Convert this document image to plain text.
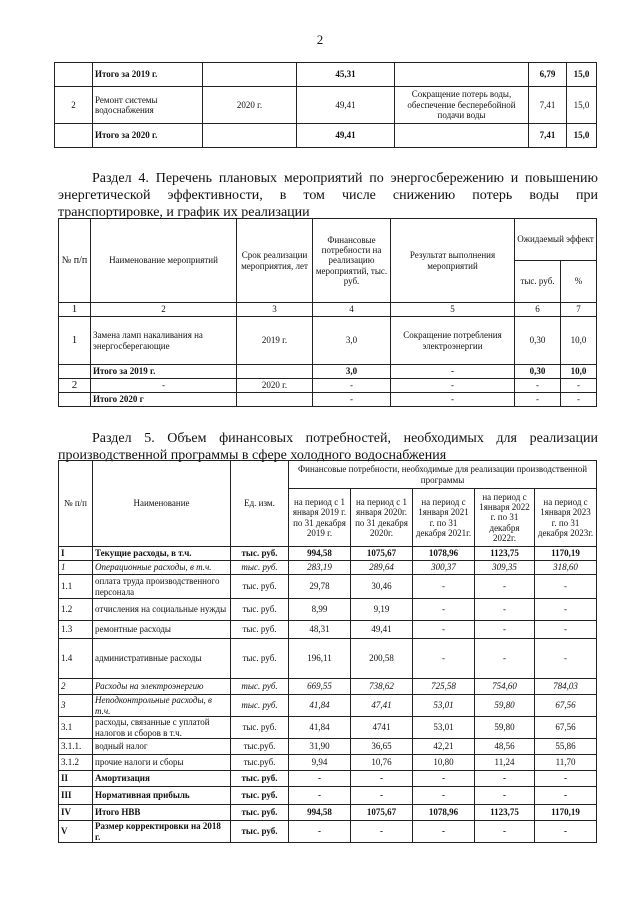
2
	Итого за 2019 г.		45,31		6,79	15,0
2	Ремонт системы водоснабжения	2020 г.	49,41	Сокращение потерь воды, обеспечение бесперебойной подачи воды	7,41	15,0
	Итого за 2020 г.		49,41		7,41	15,0
Раздел 4. Перечень плановых мероприятий по энергосбережению и повышению
энергетической эффективности, в том числе снижению потерь воды при
транспортировке, и график их реализации
№ п/п	Наименование мероприятий	Срок реализации мероприятия, лет	Финансовые потребности на реализацию мероприятий, тыс. руб.	Результат выполнения мероприятий	Ожидаемый эффект	
					тыс. руб.	%
1	2	3	4	5	6	7
1	Замена ламп накаливания на энергосберегающие	2019 г.	3,0	Сокращение потребления электроэнергии	0,30	10,0
	Итого за 2019 г.		3,0	-	0,30	10,0
2	-	2020 г.	-	-	-	-
	Итого 2020 г		-	-	-	-
Раздел 5. Объем финансовых потребностей, необходимых для реализации
производственной программы в сфере холодного водоснабжения
№ п/п	Наименование	Ед. изм.	Финансовые потребности, необходимые для реализации производственной программы				
			на период с 1 января 2019 г. по 31 декабря 2019 г.	на период с 1 января 2020г. по 31 декабря 2020г.	на период с 1января 2021 г. по 31 декабря 2021г.	на период с 1января 2022 г. по 31 декабря 2022г.	на период с 1января 2023 г. по 31 декабря 2023г.
I	Текущие расходы, в т.ч.	тыс. руб.	994,58	1075,67	1078,96	1123,75	1170,19
1	Операционные расходы, в т.ч.	тыс. руб.	283,19	289,64	300,37	309,35	318,60
1.1	оплата труда производственного персонала	тыс. руб.	29,78	30,46	-	-	-
1.2	отчисления на социальные нужды	тыс. руб.	8,99	9,19	-	-	-
1.3	ремонтные расходы	тыс. руб.	48,31	49,41	-	-	-
1.4	административные расходы	тыс. руб.	196,11	200,58	-	-	-
2	Расходы на электроэнергию	тыс. руб.	669,55	738,62	725,58	754,60	784,03
3	Неподконтрольные расходы, в т.ч.	тыс. руб.	41,84	47,41	53,01	59,80	67,56
3.1	расходы, связанные с уплатой налогов и сборов в т.ч.	тыс. руб.	41,84	4741	53,01	59,80	67,56
3.1.1.	водный налог	тыс.руб.	31,90	36,65	42,21	48,56	55,86
3.1.2	прочие налоги и сборы	тыс.руб.	9,94	10,76	10,80	11,24	11,70
II	Амортизация	тыс. руб.	-	-	-	-	-
III	Нормативная прибыль	тыс. руб.	-	-	-	-	-
IV	Итого НВВ	тыс. руб.	994,58	1075,67	1078,96	1123,75	1170,19
V	Размер корректировки на 2018 г.	тыс. руб.	-	-	-	-	-
